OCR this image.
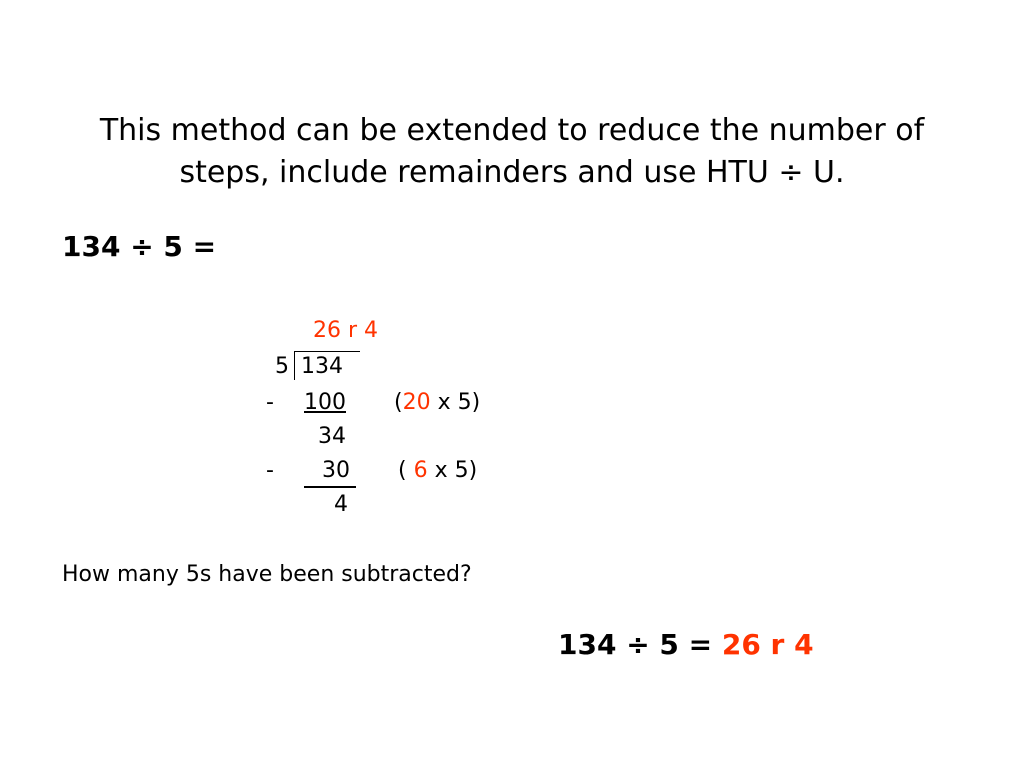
This method can be extended to reduce the number of
steps, include remainders and use HTU ÷ U.
134 ÷ 5 =
26 r 4
5 134
- 100 (20 x 5)
34
- 30 ( 6 x 5)
4
How many 5s have been subtracted?
134 ÷ 5 = 26 r 4
